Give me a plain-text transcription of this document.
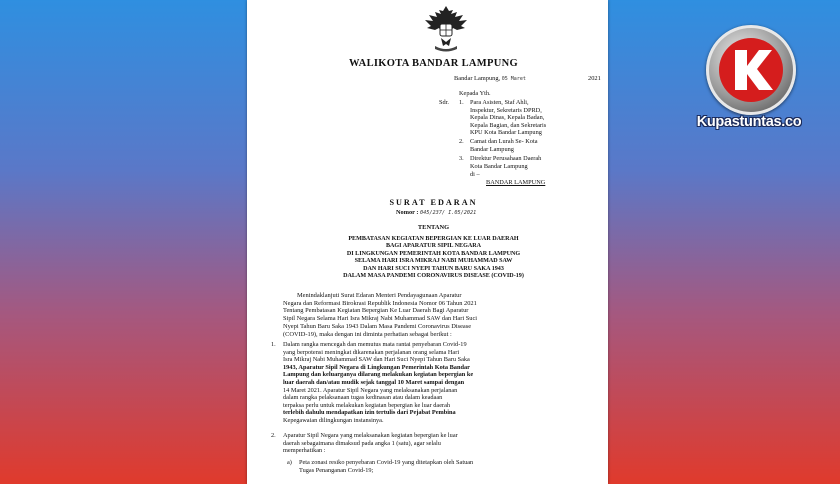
WALIKOTA BANDAR LAMPUNG
Bandar Lampung, 05 Maret	2021
Kepada Yth.
Sdr. 1. Para Asisten, Staf Ahli,
Inspektur, Sekretaris DPRD,
Kepala Dinas, Kepala Badan,
Kepala Bagian, dan Sekretaris
KPU Kota Bandar Lampung
2. Camat dan Lurah Se- Kota
Bandar Lampung
3. Direktur Perusahaan Daerah
Kota Bandar Lampung
di –
BANDAR LAMPUNG
SURAT EDARAN
Nomor : 045/237/ I.05/2021
TENTANG
PEMBATASAN KEGIATAN BEPERGIAN KE LUAR DAERAH
BAGI APARATUR SIPIL NEGARA
DI LINGKUNGAN PEMERINTAH KOTA BANDAR LAMPUNG
SELAMA HARI ISRA MIKRAJ NABI MUHAMMAD SAW
DAN HARI SUCI NYEPI TAHUN BARU SAKA 1943
DALAM MASA PANDEMI CORONAVIRUS DISEASE (COVID-19)
Menindaklanjuti Surat Edaran Menteri Pendayagunaan Aparatur
Negara dan Reformasi Birokrasi Republik Indonesia Nomor 06 Tahun 2021
Tentang Pembatasan Kegiatan Bepergian Ke Luar Daerah Bagi Aparatur
Sipil Negara Selama Hari Isra Mikraj Nabi Muhammad SAW dan Hari Suci
Nyepi Tahun Baru Saka 1943 Dalam Masa Pandemi Coronavirus Disease
(COVID-19), maka dengan ini diminta perhatian sebagai berikut :
1. Dalam rangka mencegah dan memutus mata rantai penyebaran Covid-19
yang berpotensi meningkat dikarenakan perjalanan orang selama Hari
Isra Mikraj Nabi Muhammad SAW dan Hari Suci Nyepi Tahun Baru Saka
1943, Aparatur Sipil Negara di Lingkungan Pemerintah Kota Bandar
Lampung dan keluarganya dilarang melakukan kegiatan bepergian ke
luar daerah dan/atau mudik sejak tanggal 10 Maret sampai dengan
14 Maret 2021. Aparatur Sipil Negara yang melaksanakan perjalanan
dalam rangka pelaksanaan tugas kedinasan atau dalam keadaan
terpaksa perlu untuk melakukan kegiatan bepergian ke luar daerah
terlebih dahulu mendapatkan izin tertulis dari Pejabat Pembina
Kepegawaian dilingkungan instansinya.
2. Aparatur Sipil Negara yang melaksanakan kegiatan bepergian ke luar
daerah sebagaimana dimaksud pada angka 1 (satu), agar selalu
memperhatikan :
a) Peta zonasi resiko penyebaran Covid-19 yang ditetapkan oleh Satuan
Tugas Penanganan Covid-19;
Kupastuntas.co
